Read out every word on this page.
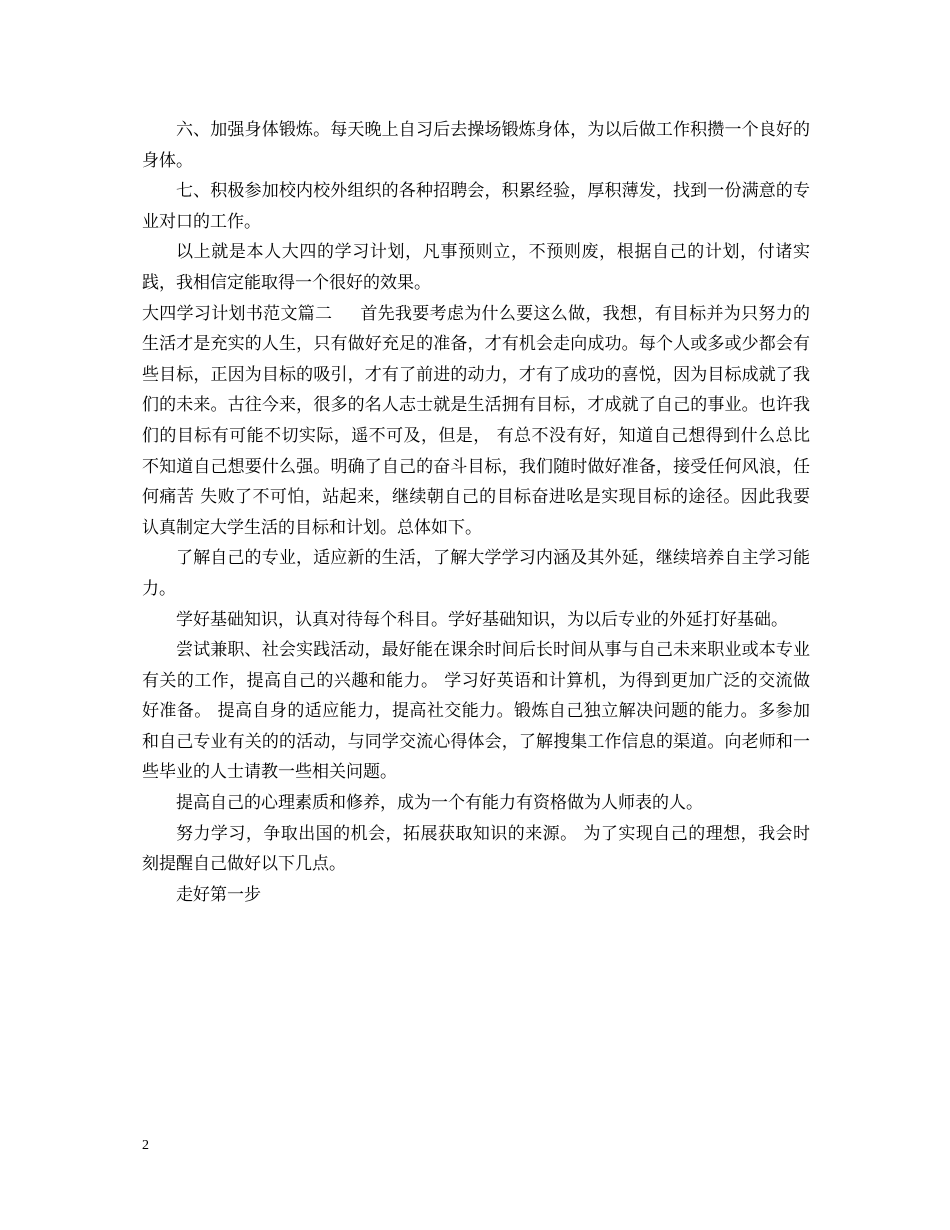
六、加强身体锻炼。每天晚上自习后去操场锻炼身体，为以后做工作积攒一个良好的身体。

七、积极参加校内校外组织的各种招聘会，积累经验，厚积薄发，找到一份满意的专业对口的工作。

以上就是本人大四的学习计划，凡事预则立，不预则废，根据自己的计划，付诸实践，我相信定能取得一个很好的效果。

大四学习计划书范文篇二 首先我要考虑为什么要这么做，我想，有目标并为只努力的生活才是充实的人生，只有做好充足的准备，才有机会走向成功。每个人或多或少都会有些目标，正因为目标的吸引，才有了前进的动力，才有了成功的喜悦，因为目标成就了我们的未来。古往今来，很多的名人志士就是生活拥有目标，才成就了自己的事业。也许我们的目标有可能不切实际，遥不可及，但是， 有总不没有好，知道自己想得到什么总比不知道自己想要什么强。明确了自己的奋斗目标，我们随时做好准备，接受任何风浪，任何痛苦 失败了不可怕，站起来，继续朝自己的目标奋进吆是实现目标的途径。因此我要认真制定大学生活的目标和计划。总体如下。

了解自己的专业，适应新的生活，了解大学学习内涵及其外延，继续培养自主学习能力。

学好基础知识，认真对待每个科目。学好基础知识，为以后专业的外延打好基础。

尝试兼职、社会实践活动，最好能在课余时间后长时间从事与自己未来职业或本专业有关的工作，提高自己的兴趣和能力。 学习好英语和计算机，为得到更加广泛的交流做好准备。 提高自身的适应能力，提高社交能力。锻炼自己独立解决问题的能力。多参加和自己专业有关的的活动，与同学交流心得体会，了解搜集工作信息的渠道。向老师和一些毕业的人士请教一些相关问题。

提高自己的心理素质和修养，成为一个有能力有资格做为人师表的人。

努力学习，争取出国的机会，拓展获取知识的来源。 为了实现自己的理想，我会时刻提醒自己做好以下几点。

走好第一步

2
